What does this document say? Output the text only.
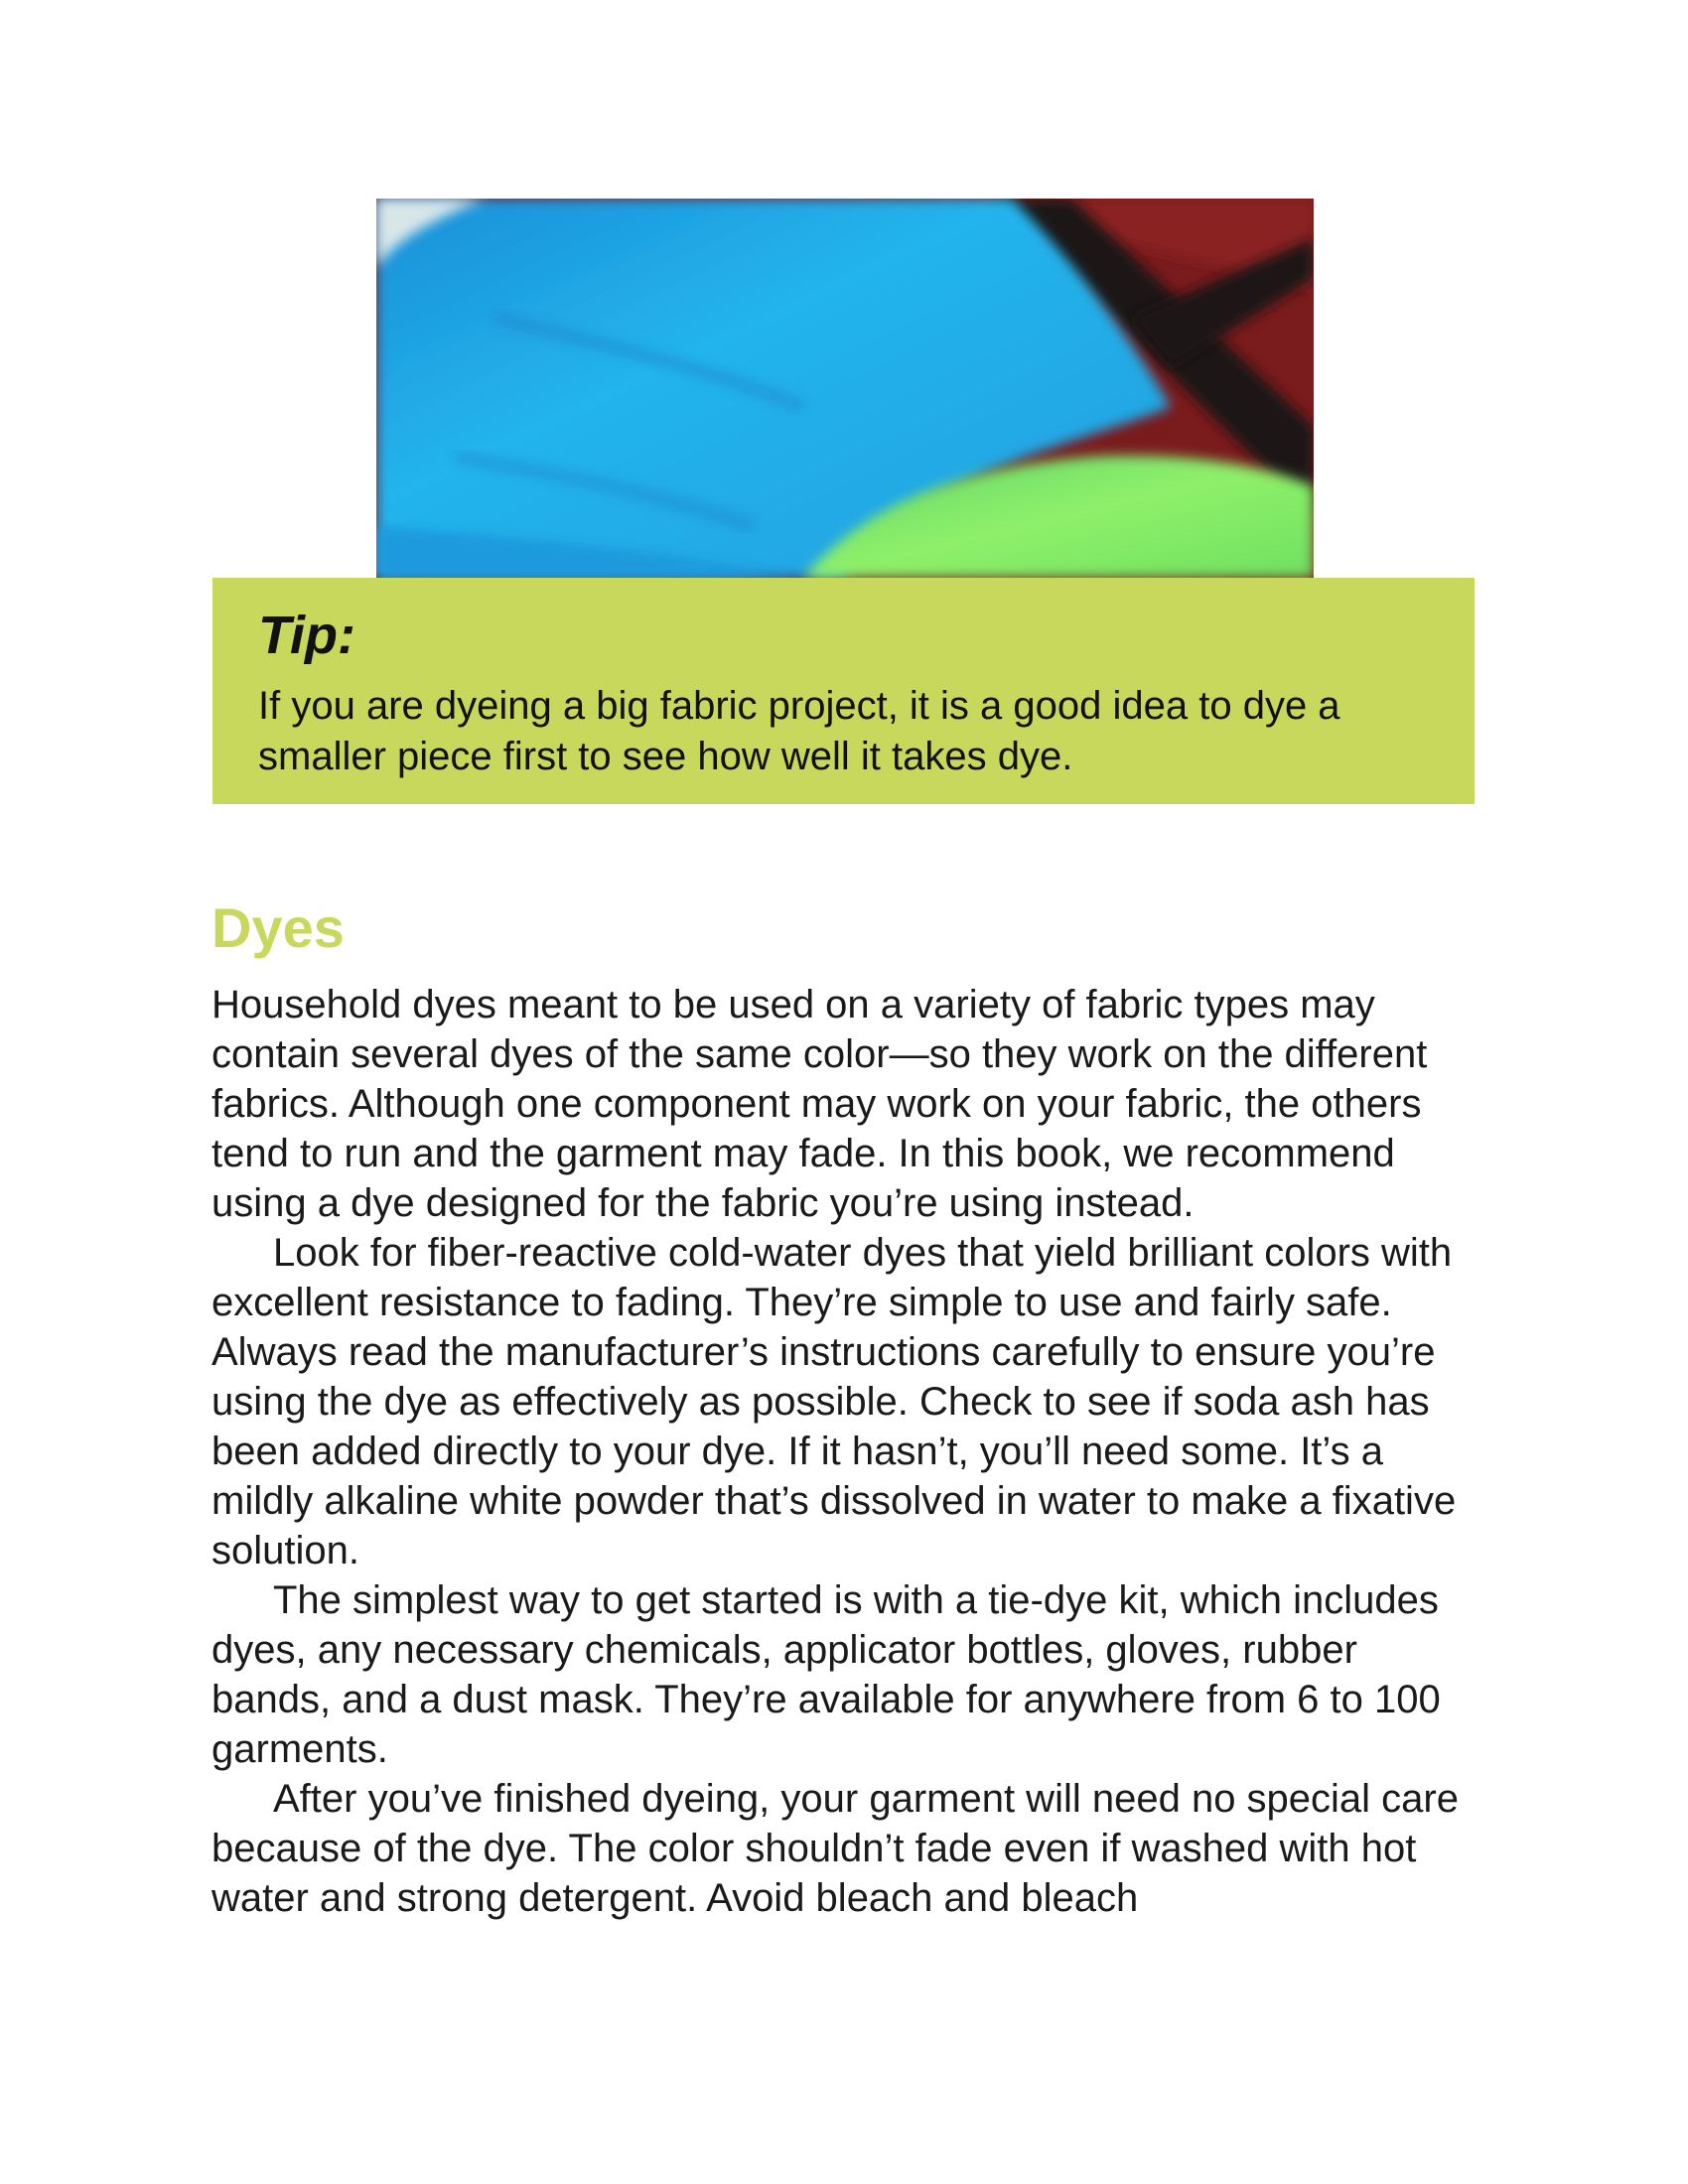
Tip:

If you are dyeing a big fabric project, it is a good idea to dye a smaller piece first to see how well it takes dye.

Dyes

Household dyes meant to be used on a variety of fabric types may contain several dyes of the same color—so they work on the different fabrics. Although one component may work on your fabric, the others tend to run and the garment may fade. In this book, we recommend using a dye designed for the fabric you’re using instead.

Look for fiber-reactive cold-water dyes that yield brilliant colors with excellent resistance to fading. They’re simple to use and fairly safe. Always read the manufacturer’s instructions carefully to ensure you’re using the dye as effectively as possible. Check to see if soda ash has been added directly to your dye. If it hasn’t, you’ll need some. It’s a mildly alkaline white powder that’s dissolved in water to make a fixative solution.

The simplest way to get started is with a tie-dye kit, which includes dyes, any necessary chemicals, applicator bottles, gloves, rubber bands, and a dust mask. They’re available for anywhere from 6 to 100 garments.

After you’ve finished dyeing, your garment will need no special care because of the dye. The color shouldn’t fade even if washed with hot water and strong detergent. Avoid bleach and bleach
